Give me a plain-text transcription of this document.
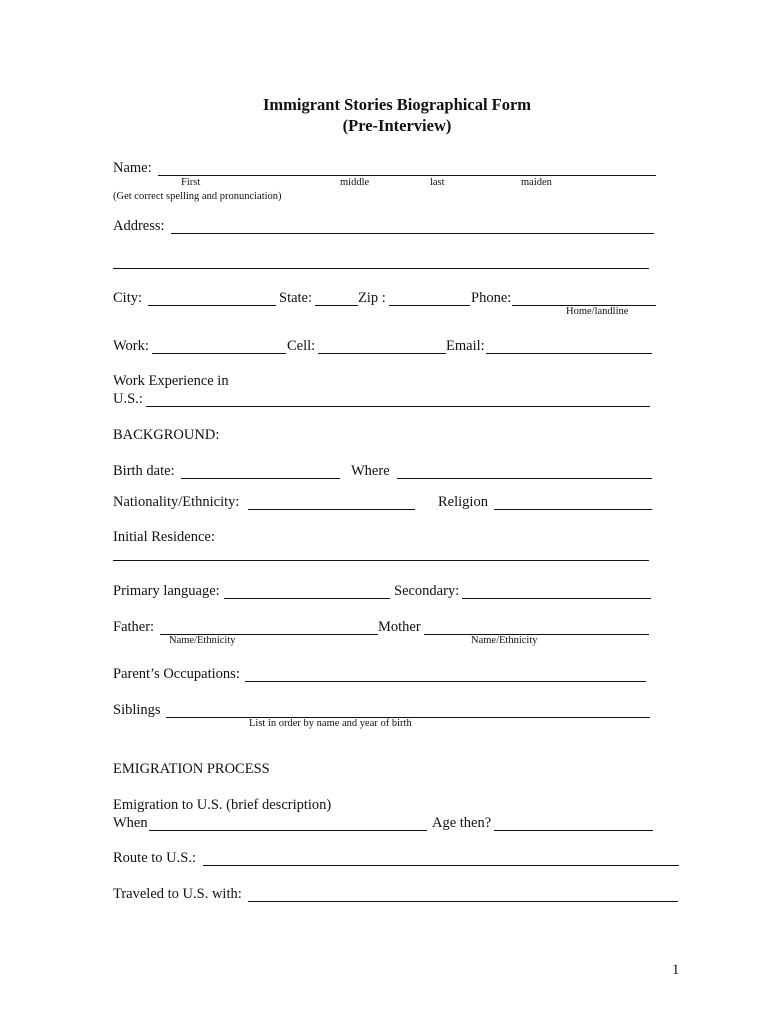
Immigrant Stories Biographical Form
(Pre-Interview)
Name:
First	middle	last	maiden
(Get correct spelling and pronunciation)
Address:
City:	State:	Zip :	Phone:
Home/landline
Work:	Cell:	Email:
Work Experience in
U.S.:
BACKGROUND:
Birth date:	Where
Nationality/Ethnicity:	Religion
Initial Residence:
Primary language:	Secondary:
Father:	Mother
Name/Ethnicity	Name/Ethnicity
Parent’s Occupations:
Siblings
List in order by name and year of birth
EMIGRATION PROCESS
Emigration to U.S. (brief description)
When	Age then?
Route to U.S.:
Traveled to U.S. with:
1
